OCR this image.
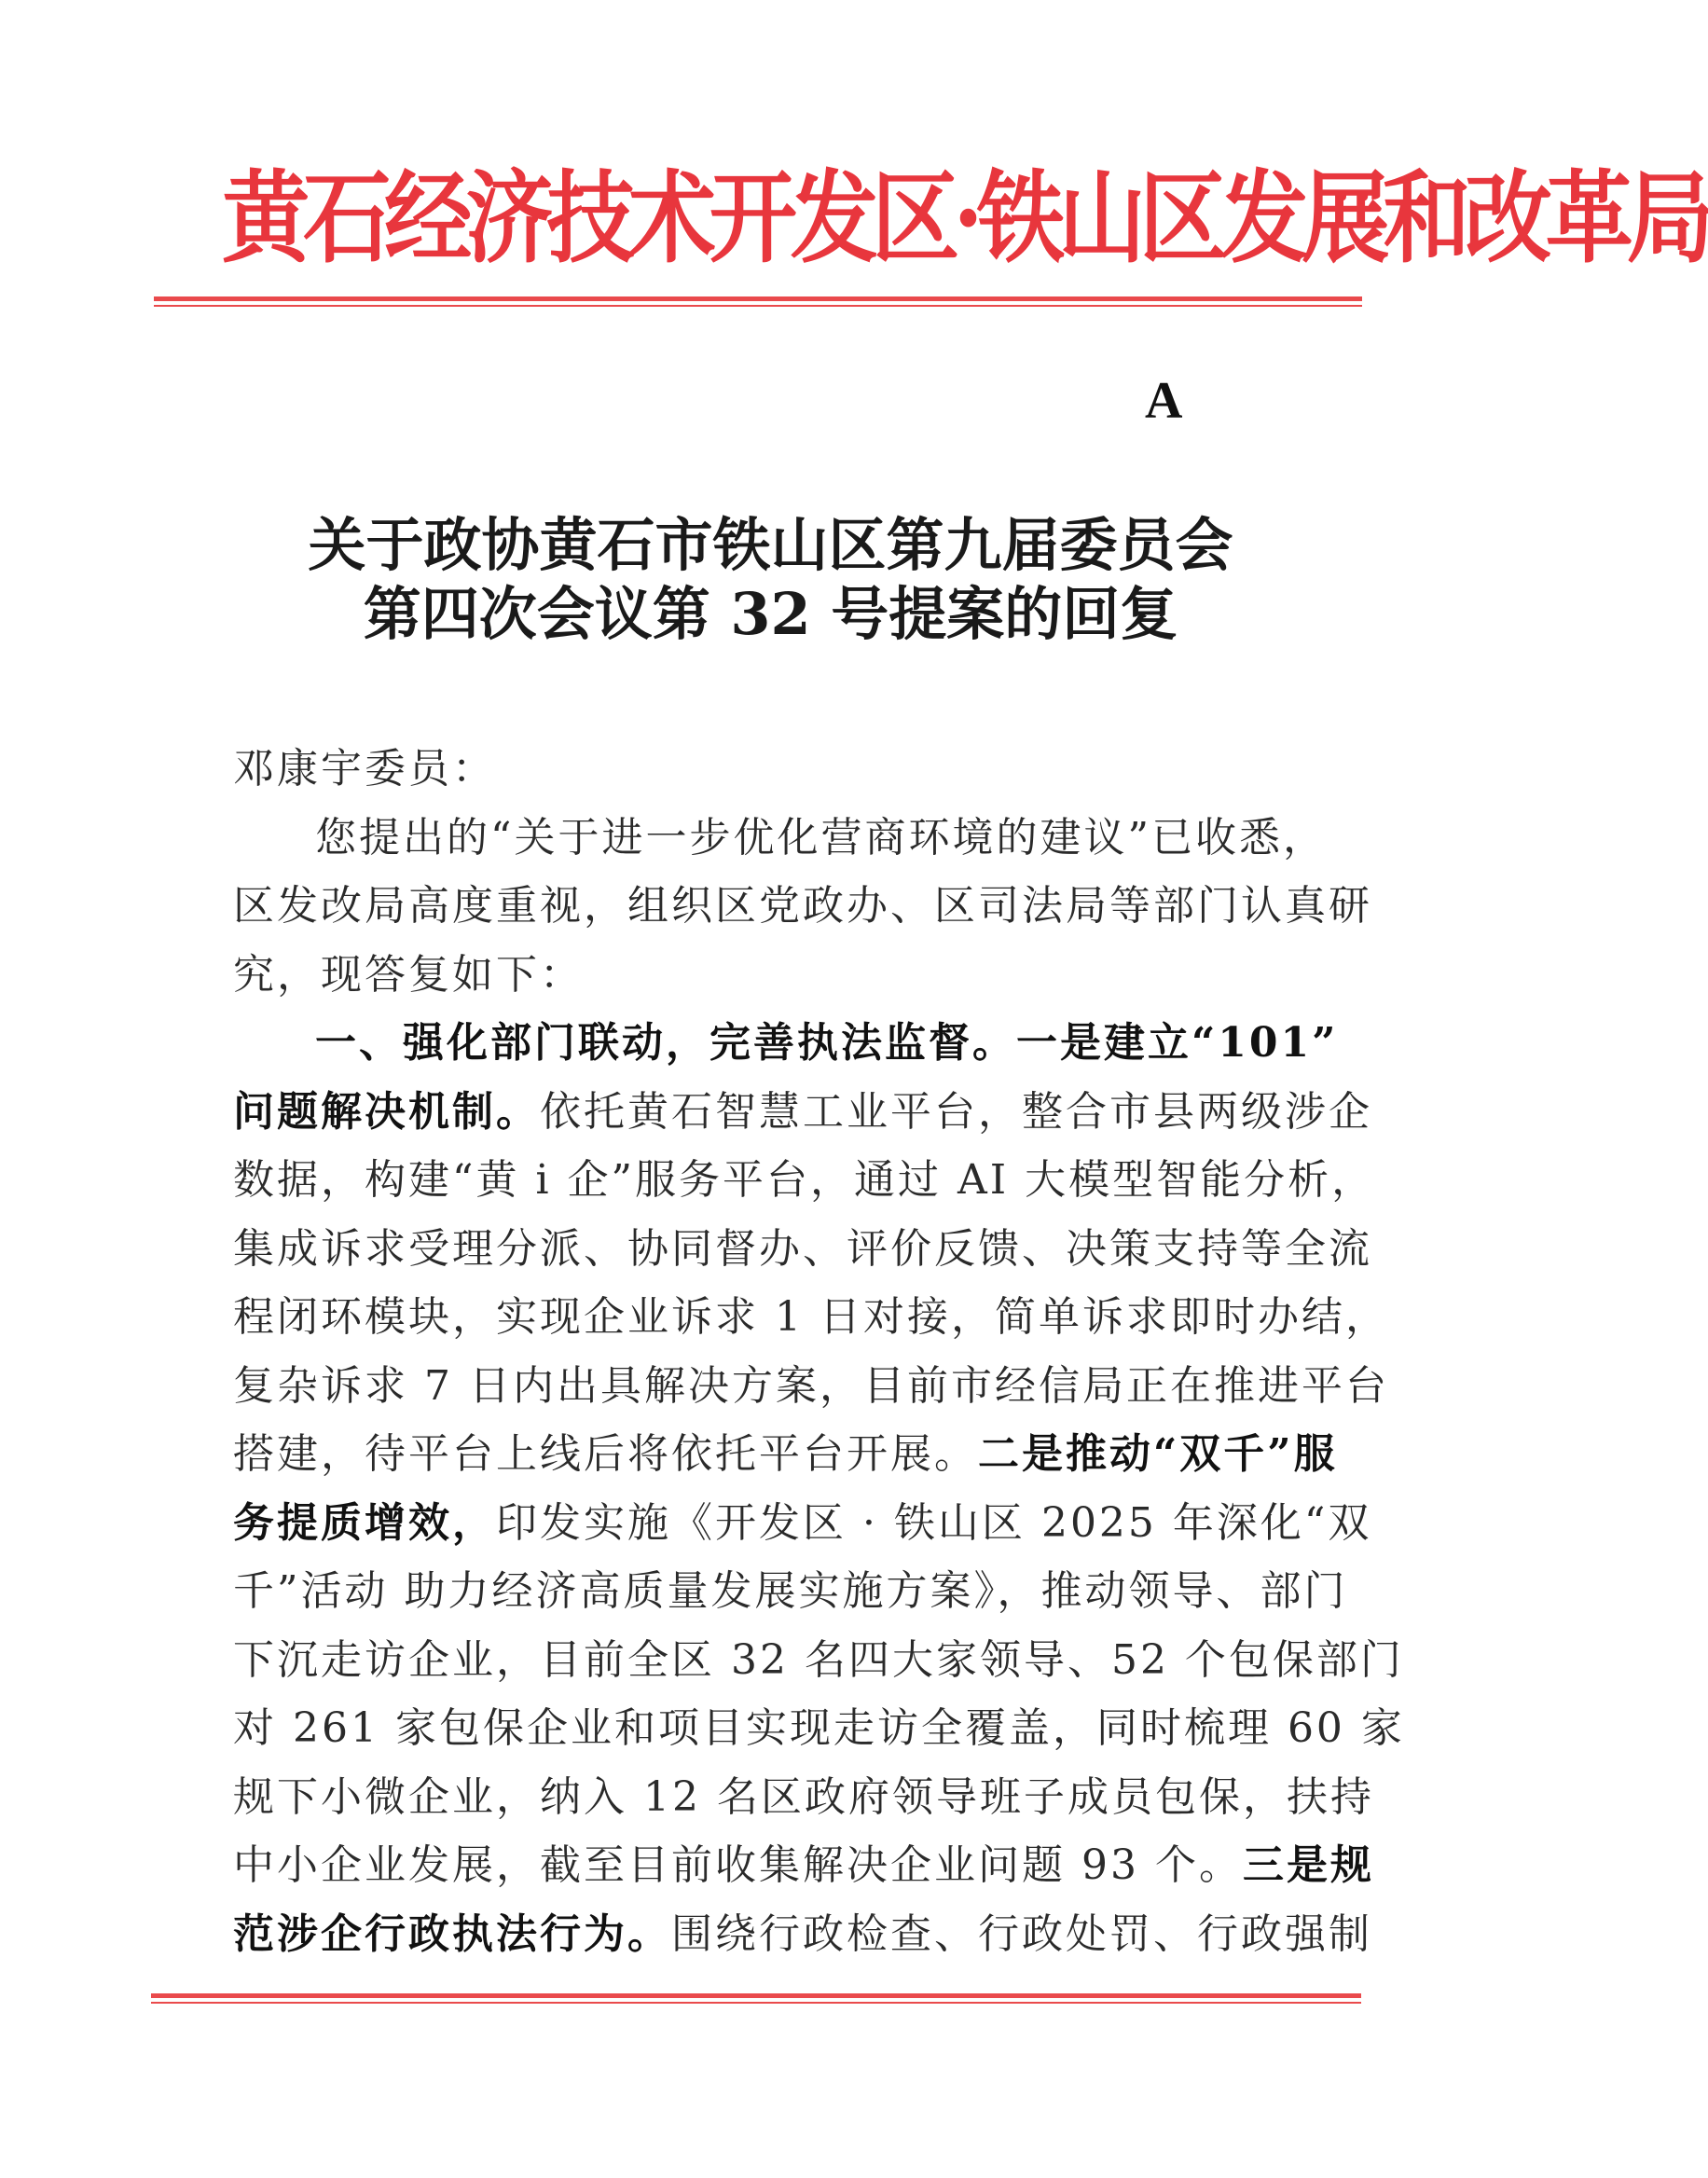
黄石经济技术开发区·铁山区发展和改革局
A
关于政协黄石市铁山区第九届委员会
第四次会议第 32 号提案的回复
邓康宇委员：
您提出的“关于进一步优化营商环境的建议”已收悉，
区发改局高度重视，组织区党政办、区司法局等部门认真研
究，现答复如下：
一、强化部门联动，完善执法监督。一是建立“101”
问题解决机制。依托黄石智慧工业平台，整合市县两级涉企
数据，构建“黄 i 企”服务平台，通过 AI 大模型智能分析，
集成诉求受理分派、协同督办、评价反馈、决策支持等全流
程闭环模块，实现企业诉求 1 日对接，简单诉求即时办结，
复杂诉求 7 日内出具解决方案，目前市经信局正在推进平台
搭建，待平台上线后将依托平台开展。二是推动“双千”服
务提质增效，印发实施《开发区 · 铁山区 2025 年深化“双
千”活动 助力经济高质量发展实施方案》，推动领导、部门
下沉走访企业，目前全区 32 名四大家领导、52 个包保部门
对 261 家包保企业和项目实现走访全覆盖，同时梳理 60 家
规下小微企业，纳入 12 名区政府领导班子成员包保，扶持
中小企业发展，截至目前收集解决企业问题 93 个。三是规
范涉企行政执法行为。围绕行政检查、行政处罚、行政强制
